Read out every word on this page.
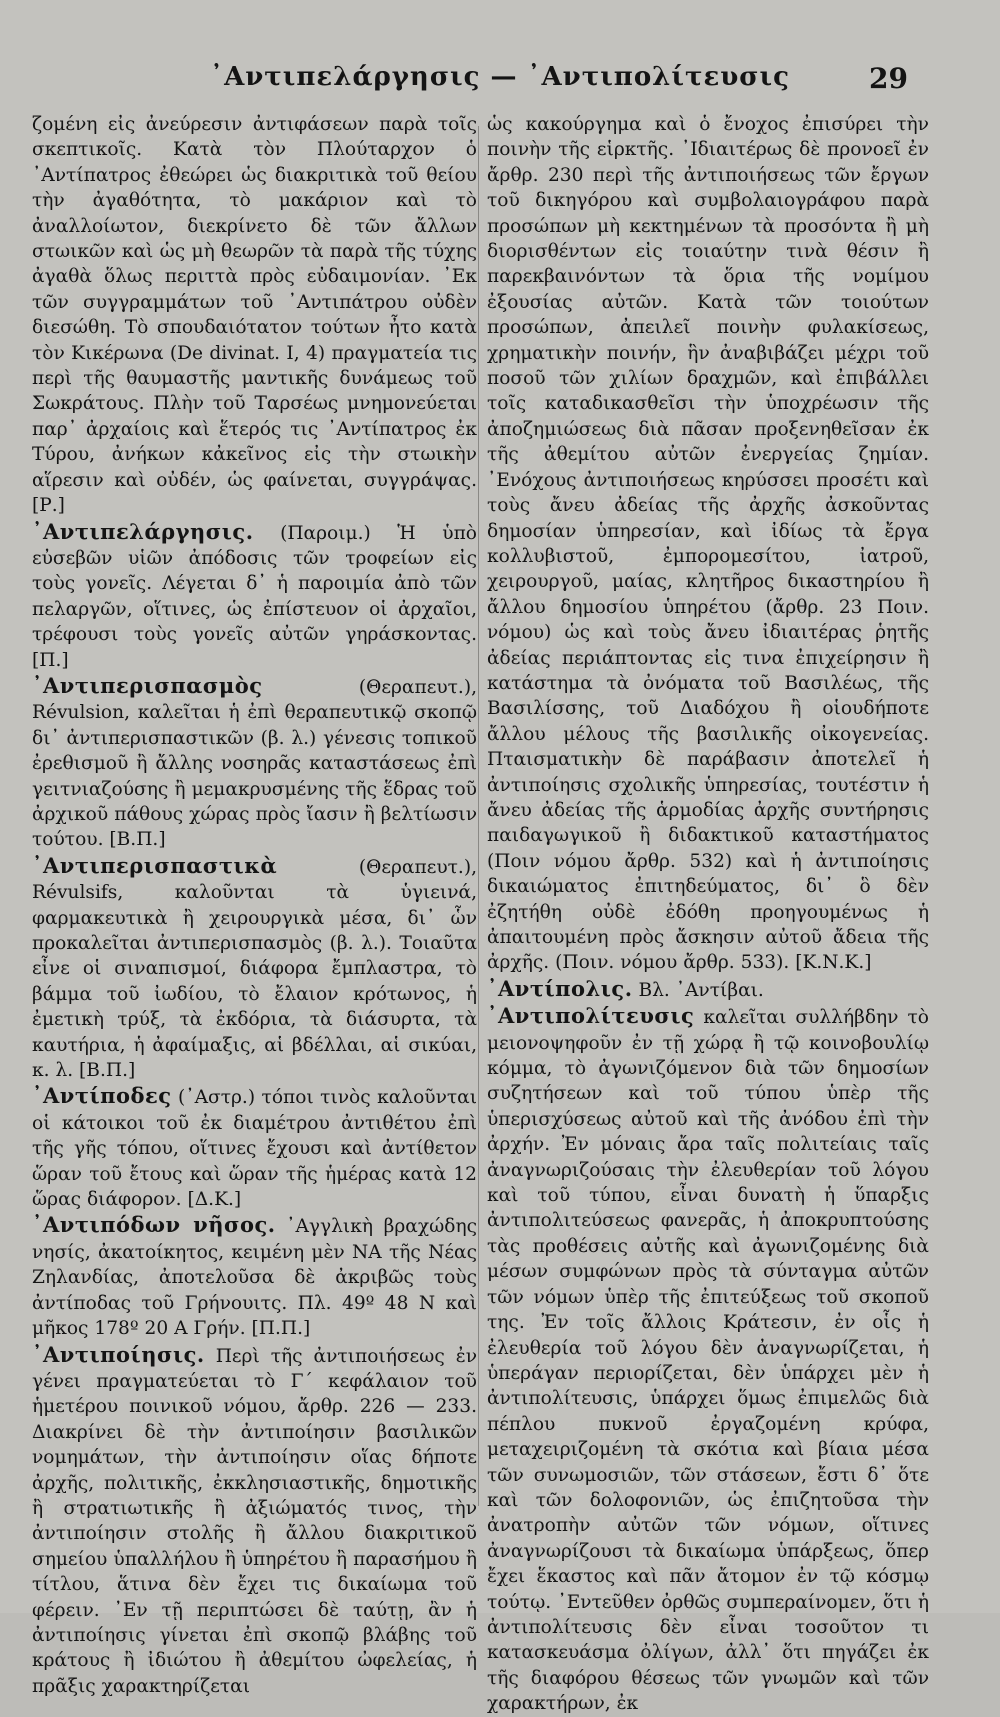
᾿Αντιπελάργησις — ᾿Αντιπολίτευσις	29

ζομένη εἰς ἀνεύρεσιν ἀντιφάσεων παρὰ τοῖς σκεπτικοῖς. Κατὰ τὸν Πλούταρχον ὁ ᾿Αντίπατρος ἐθεώρει ὡς διακριτικὰ τοῦ θείου τὴν ἀγαθότητα, τὸ μακάριον καὶ τὸ ἀναλλοίωτον, διεκρίνετο δὲ τῶν ἄλλων στωικῶν καὶ ὡς μὴ θεωρῶν τὰ παρὰ τῆς τύχης ἀγαθὰ ὅλως περιττὰ πρὸς εὐδαιμονίαν. ᾿Εκ τῶν συγγραμμάτων τοῦ ᾿Αντιπάτρου οὐδὲν διεσώθη. Τὸ σπουδαιότατον τούτων ἦτο κατὰ τὸν Κικέρωνα (De divinat. I, 4) πραγματεία τις περὶ τῆς θαυμαστῆς μαντικῆς δυνάμεως τοῦ Σωκράτους. Πλὴν τοῦ Ταρσέως μνημονεύεται παρ᾿ ἀρχαίοις καὶ ἕτερός τις ᾿Αντίπατρος ἐκ Τύρου, ἀνήκων κἀκεῖνος εἰς τὴν στωικὴν αἵρεσιν καὶ οὐδέν, ὡς φαίνεται, συγγράψας. [Ρ.]

᾿Αντιπελάργησις. (Παροιμ.) Ἡ ὑπὸ εὐσεβῶν υἱῶν ἀπόδοσις τῶν τροφείων εἰς τοὺς γονεῖς. Λέγεται δ᾿ ἡ παροιμία ἀπὸ τῶν πελαργῶν, οἵτινες, ὡς ἐπίστευον οἱ ἀρχαῖοι, τρέφουσι τοὺς γονεῖς αὐτῶν γηράσκοντας. [Π.]

᾿Αντιπερισπασμὸς (Θεραπευτ.), Révulsion, καλεῖται ἡ ἐπὶ θεραπευτικῷ σκοπῷ δι᾿ ἀντιπερισπαστικῶν (β. λ.) γένεσις τοπικοῦ ἐρεθισμοῦ ἢ ἄλλης νοσηρᾶς καταστάσεως ἐπὶ γειτνιαζούσης ἢ μεμακρυσμένης τῆς ἕδρας τοῦ ἀρχικοῦ πάθους χώρας πρὸς ἴασιν ἢ βελτίωσιν τούτου. [Β.Π.]

᾿Αντιπερισπαστικὰ (Θεραπευτ.), Révulsifs, καλοῦνται τὰ ὑγιεινά, φαρμακευτικὰ ἢ χειρουργικὰ μέσα, δι᾿ ὧν προκαλεῖται ἀντιπερισπασμὸς (β. λ.). Τοιαῦτα εἶνε οἱ σιναπισμοί, διάφορα ἔμπλαστρα, τὸ βάμμα τοῦ ἰωδίου, τὸ ἔλαιον κρότωνος, ἡ ἐμετικὴ τρύξ, τὰ ἐκδόρια, τὰ διάσυρτα, τὰ καυτήρια, ἡ ἀφαίμαξις, αἱ βδέλλαι, αἱ σικύαι, κ. λ. [Β.Π.]

᾿Αντίποδες (᾿Αστρ.) τόποι τινὸς καλοῦνται οἱ κάτοικοι τοῦ ἐκ διαμέτρου ἀντιθέτου ἐπὶ τῆς γῆς τόπου, οἵτινες ἔχουσι καὶ ἀντίθετον ὥραν τοῦ ἔτους καὶ ὥραν τῆς ἡμέρας κατὰ 12 ὥρας διάφορον. [Δ.Κ.]

᾿Αντιπόδων νῆσος. ᾿Αγγλικὴ βραχώδης νησίς, ἀκατοίκητος, κειμένη μὲν ΝΑ τῆς Νέας Ζηλανδίας, ἀποτελοῦσα δὲ ἀκριβῶς τοὺς ἀντίποδας τοῦ Γρήνουιτς. Πλ. 49º 48 Ν καὶ μῆκος 178º 20 Α Γρήν. [Π.Π.]

᾿Αντιποίησις. Περὶ τῆς ἀντιποιήσεως ἐν γένει πραγματεύεται τὸ Γ´ κεφάλαιον τοῦ ἡμετέρου ποινικοῦ νόμου, ἄρθρ. 226 — 233. Διακρίνει δὲ τὴν ἀντιποίησιν βασιλικῶν νομημάτων, τὴν ἀντιποίησιν οἵας δήποτε ἀρχῆς, πολιτικῆς, ἐκκλησιαστικῆς, δημοτικῆς ἢ στρατιωτικῆς ἢ ἀξιώματός τινος, τὴν ἀντιποίησιν στολῆς ἢ ἄλλου διακριτικοῦ σημείου ὑπαλλήλου ἢ ὑπηρέτου ἢ παρασήμου ἢ τίτλου, ἅτινα δὲν ἔχει τις δικαίωμα τοῦ φέρειν. ᾿Εν τῇ περιπτώσει δὲ ταύτῃ, ἂν ἡ ἀντιποίησις γίνεται ἐπὶ σκοπῷ βλάβης τοῦ κράτους ἢ ἰδιώτου ἢ ἀθεμίτου ὠφελείας, ἡ πρᾶξις χαρακτηρίζεται

ὡς κακούργημα καὶ ὁ ἔνοχος ἐπισύρει τὴν ποινὴν τῆς εἱρκτῆς. ᾿Ιδιαιτέρως δὲ προνοεῖ ἐν ἄρθρ. 230 περὶ τῆς ἀντιποιήσεως τῶν ἔργων τοῦ δικηγόρου καὶ συμβολαιογράφου παρὰ προσώπων μὴ κεκτημένων τὰ προσόντα ἢ μὴ διορισθέντων εἰς τοιαύτην τινὰ θέσιν ἢ παρεκβαινόντων τὰ ὅρια τῆς νομίμου ἐξουσίας αὐτῶν. Κατὰ τῶν τοιούτων προσώπων, ἀπειλεῖ ποινὴν φυλακίσεως, χρηματικὴν ποινήν, ἣν ἀναβιβάζει μέχρι τοῦ ποσοῦ τῶν χιλίων δραχμῶν, καὶ ἐπιβάλλει τοῖς καταδικασθεῖσι τὴν ὑποχρέωσιν τῆς ἀποζημιώσεως διὰ πᾶσαν προξενηθεῖσαν ἐκ τῆς ἀθεμίτου αὐτῶν ἐνεργείας ζημίαν. ᾿Ενόχους ἀντιποιήσεως κηρύσσει προσέτι καὶ τοὺς ἄνευ ἀδείας τῆς ἀρχῆς ἀσκοῦντας δημοσίαν ὑπηρεσίαν, καὶ ἰδίως τὰ ἔργα κολλυβιστοῦ, ἐμπορομεσίτου, ἰατροῦ, χειρουργοῦ, μαίας, κλητῆρος δικαστηρίου ἢ ἄλλου δημοσίου ὑπηρέτου (ἄρθρ. 23 Ποιν. νόμου) ὡς καὶ τοὺς ἄνευ ἰδιαιτέρας ῥητῆς ἀδείας περιάπτοντας εἰς τινα ἐπιχείρησιν ἢ κατάστημα τὰ ὀνόματα τοῦ Βασιλέως, τῆς Βασιλίσσης, τοῦ Διαδόχου ἢ οἱουδήποτε ἄλλου μέλους τῆς βασιλικῆς οἰκογενείας. Πταισματικὴν δὲ παράβασιν ἀποτελεῖ ἡ ἀντιποίησις σχολικῆς ὑπηρεσίας, τουτέστιν ἡ ἄνευ ἀδείας τῆς ἁρμοδίας ἀρχῆς συντήρησις παιδαγωγικοῦ ἢ διδακτικοῦ καταστήματος (Ποιν νόμου ἄρθρ. 532) καὶ ἡ ἀντιποίησις δικαιώματος ἐπιτηδεύματος, δι᾿ ὃ δὲν ἐζητήθη οὐδὲ ἐδόθη προηγουμένως ἡ ἀπαιτουμένη πρὸς ἄσκησιν αὐτοῦ ἄδεια τῆς ἀρχῆς. (Ποιν. νόμου ἄρθρ. 533). [Κ.Ν.Κ.]

᾿Αντίπολις. Βλ. ᾿Αντίβαι.

᾿Αντιπολίτευσις καλεῖται συλλήβδην τὸ μειονοψηφοῦν ἐν τῇ χώρᾳ ἢ τῷ κοινοβουλίῳ κόμμα, τὸ ἀγωνιζόμενον διὰ τῶν δημοσίων συζητήσεων καὶ τοῦ τύπου ὑπὲρ τῆς ὑπερισχύσεως αὐτοῦ καὶ τῆς ἀνόδου ἐπὶ τὴν ἀρχήν. Ἐν μόναις ἄρα ταῖς πολιτείαις ταῖς ἀναγνωριζούσαις τὴν ἐλευθερίαν τοῦ λόγου καὶ τοῦ τύπου, εἶναι δυνατὴ ἡ ὕπαρξις ἀντιπολιτεύσεως φανερᾶς, ἡ ἀποκρυπτούσης τὰς προθέσεις αὐτῆς καὶ ἀγωνιζομένης διὰ μέσων συμφώνων πρὸς τὰ σύνταγμα αὐτῶν τῶν νόμων ὑπὲρ τῆς ἐπιτεύξεως τοῦ σκοποῦ της. Ἐν τοῖς ἄλλοις Κράτεσιν, ἐν οἷς ἡ ἐλευθερία τοῦ λόγου δὲν ἀναγνωρίζεται, ἡ ὑπεράγαν περιορίζεται, δὲν ὑπάρχει μὲν ἡ ἀντιπολίτευσις, ὑπάρχει ὅμως ἐπιμελῶς διὰ πέπλου πυκνοῦ ἐργαζομένη κρύφα, μεταχειριζομένη τὰ σκότια καὶ βίαια μέσα τῶν συνωμοσιῶν, τῶν στάσεων, ἔστι δ᾿ ὅτε καὶ τῶν δολοφονιῶν, ὡς ἐπιζητοῦσα τὴν ἀνατροπὴν αὐτῶν τῶν νόμων, οἵτινες ἀναγνωρίζουσι τὰ δικαίωμα ὑπάρξεως, ὅπερ ἔχει ἕκαστος καὶ πᾶν ἄτομον ἐν τῷ κόσμῳ τούτῳ. ᾿Εντεῦθεν ὀρθῶς συμπεραίνομεν, ὅτι ἡ ἀντιπολίτευσις δὲν εἶναι τοσοῦτον τι κατασκευάσμα ὀλίγων, ἀλλ᾿ ὅτι πηγάζει ἐκ τῆς διαφόρου θέσεως τῶν γνωμῶν καὶ τῶν χαρακτήρων, ἐκ
